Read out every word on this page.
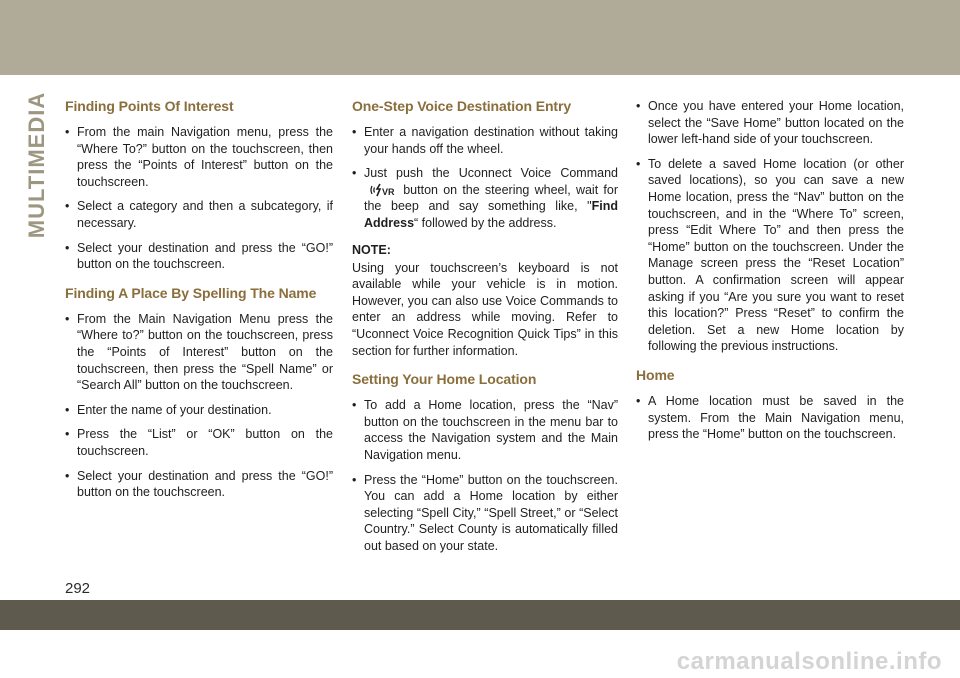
MULTIMEDIA Finding Points Of Interest
• From the main Navigation menu, press the “Where To?” button on the touchscreen, then press the “Points of Interest” button on the touchscreen.
• Select a category and then a subcategory, if necessary.
• Select your destination and press the “GO!” button on the touchscreen.
Finding A Place By Spelling The Name
• From the Main Navigation Menu press the “Where to?” button on the touchscreen, press the “Points of Interest” button on the touchscreen, then press the “Spell Name” or “Search All” button on the touchscreen.
• Enter the name of your destination.
• Press the “List” or “OK” button on the touchscreen.
• Select your destination and press the “GO!” button on the touchscreen.
One-Step Voice Destination Entry
• Enter a navigation destination without taking your hands off the wheel.
• Just push the Uconnect Voice Command
VR button on the steering wheel, wait for the beep and say something like, "Find Address“ followed by the address.

NOTE:

Using your touchscreen’s keyboard is not available while your vehicle is in motion. However, you can also use Voice Commands to enter an address while moving. Refer to “Uconnect Voice Recognition Quick Tips” in this section for further information.

Setting Your Home Location
• To add a Home location, press the “Nav” button on the touchscreen in the menu bar to access the Navigation system and the Main Navigation menu.
• Press the “Home” button on the touchscreen. You can add a Home location by either selecting “Spell City,” “Spell Street,” or “Select Country.” Select County is automatically filled out based on your state.
• Once you have entered your Home location, select the “Save Home” button located on the lower left-hand side of your touchscreen.
• To delete a saved Home location (or other saved locations), so you can save a new Home location, press the “Nav” button on the touchscreen, and in the “Where To” screen, press “Edit Where To” and then press the “Home” button on the touchscreen. Under the Manage screen press the “Reset Location” button. A confirmation screen will appear asking if you “Are you sure you want to reset this location?” Press “Reset” to confirm the deletion. Set a new Home location by following the previous instructions.
Home
• A Home location must be saved in the system. From the Main Navigation menu, press the “Home” button on the touchscreen.
292
carmanualsonline.info
